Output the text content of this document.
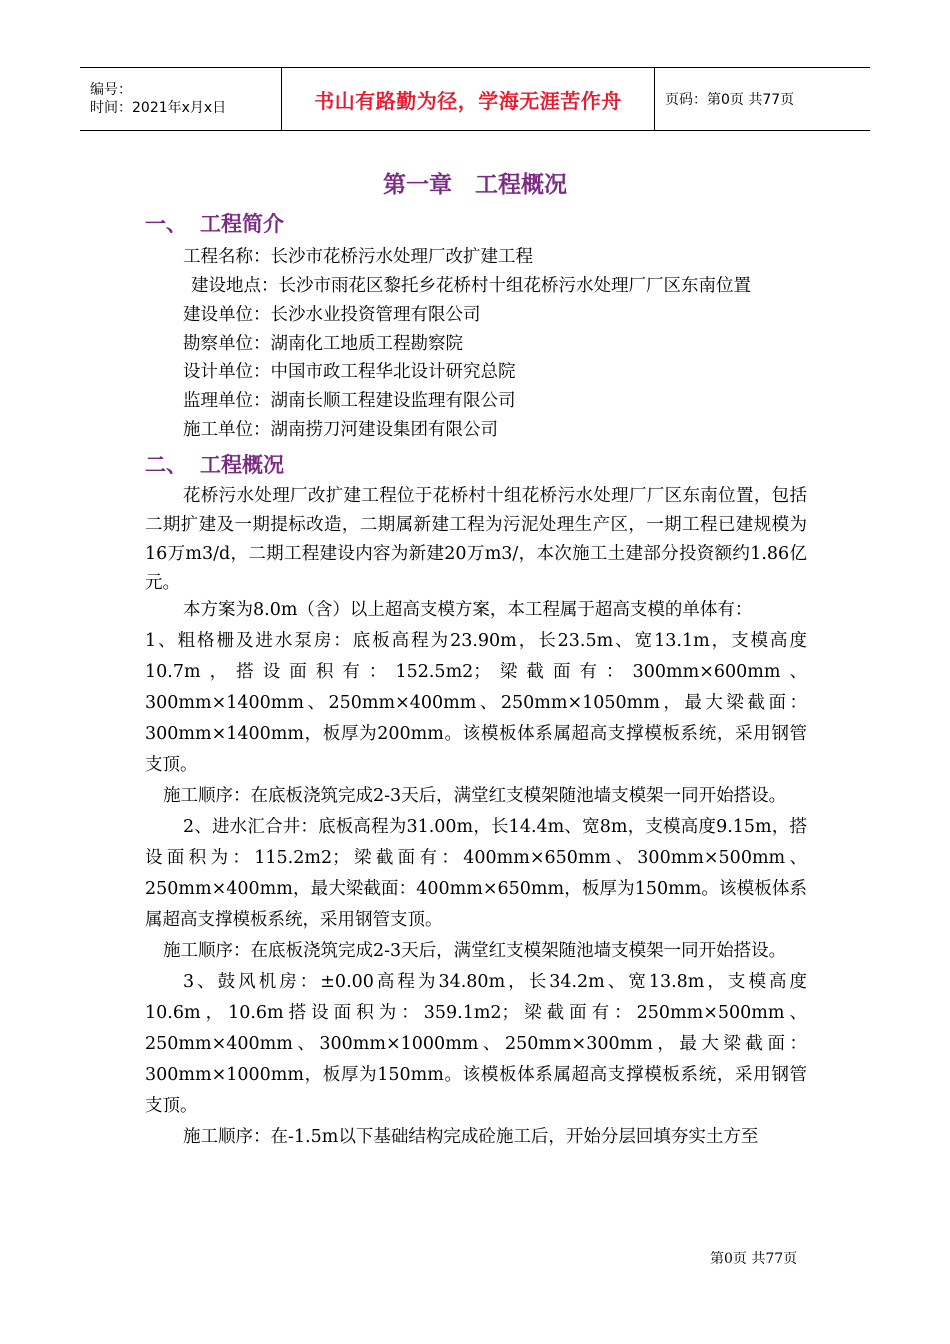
编号：
时间：2021年x月x日	书山有路勤为径，学海无涯苦作舟	页码：第0页 共77页
第一章　工程概况
一、 工程简介
工程名称：长沙市花桥污水处理厂改扩建工程
建设地点：长沙市雨花区黎托乡花桥村十组花桥污水处理厂厂区东南位置
建设单位：长沙水业投资管理有限公司
勘察单位：湖南化工地质工程勘察院
设计单位：中国市政工程华北设计研究总院
监理单位：湖南长顺工程建设监理有限公司
施工单位：湖南捞刀河建设集团有限公司
二、 工程概况

花桥污水处理厂改扩建工程位于花桥村十组花桥污水处理厂厂区东南位置，包括二期扩建及一期提标改造，二期属新建工程为污泥处理生产区，一期工程已建规模为16万m3/d，二期工程建设内容为新建20万m3/，本次施工土建部分投资额约1.86亿元。

本方案为8.0m（含）以上超高支模方案，本工程属于超高支模的单体有：

1、粗格栅及进水泵房：底板高程为23.90m，长23.5m、宽13.1m，支模高度10.7m，搭设面积有：152.5m2；梁截面有：300mm×600mm、300mm×1400mm、250mm×400mm、250mm×1050mm，最大梁截面：300mm×1400mm，板厚为200mm。该模板体系属超高支撑模板系统，采用钢管支顶。

施工顺序：在底板浇筑完成2-3天后，满堂红支模架随池墙支模架一同开始搭设。

2、进水汇合井：底板高程为31.00m，长14.4m、宽8m，支模高度9.15m，搭设面积为：115.2m2；梁截面有：400mm×650mm、300mm×500mm、250mm×400mm，最大梁截面：400mm×650mm，板厚为150mm。该模板体系属超高支撑模板系统，采用钢管支顶。

施工顺序：在底板浇筑完成2-3天后，满堂红支模架随池墙支模架一同开始搭设。

3、鼓风机房：±0.00高程为34.80m，长34.2m、宽13.8m，支模高度10.6m，10.6m搭设面积为：359.1m2；梁截面有：250mm×500mm、250mm×400mm、300mm×1000mm、250mm×300mm，最大梁截面：300mm×1000mm，板厚为150mm。该模板体系属超高支撑模板系统，采用钢管支顶。

施工顺序：在-1.5m以下基础结构完成砼施工后，开始分层回填夯实土方至

第0页 共77页
